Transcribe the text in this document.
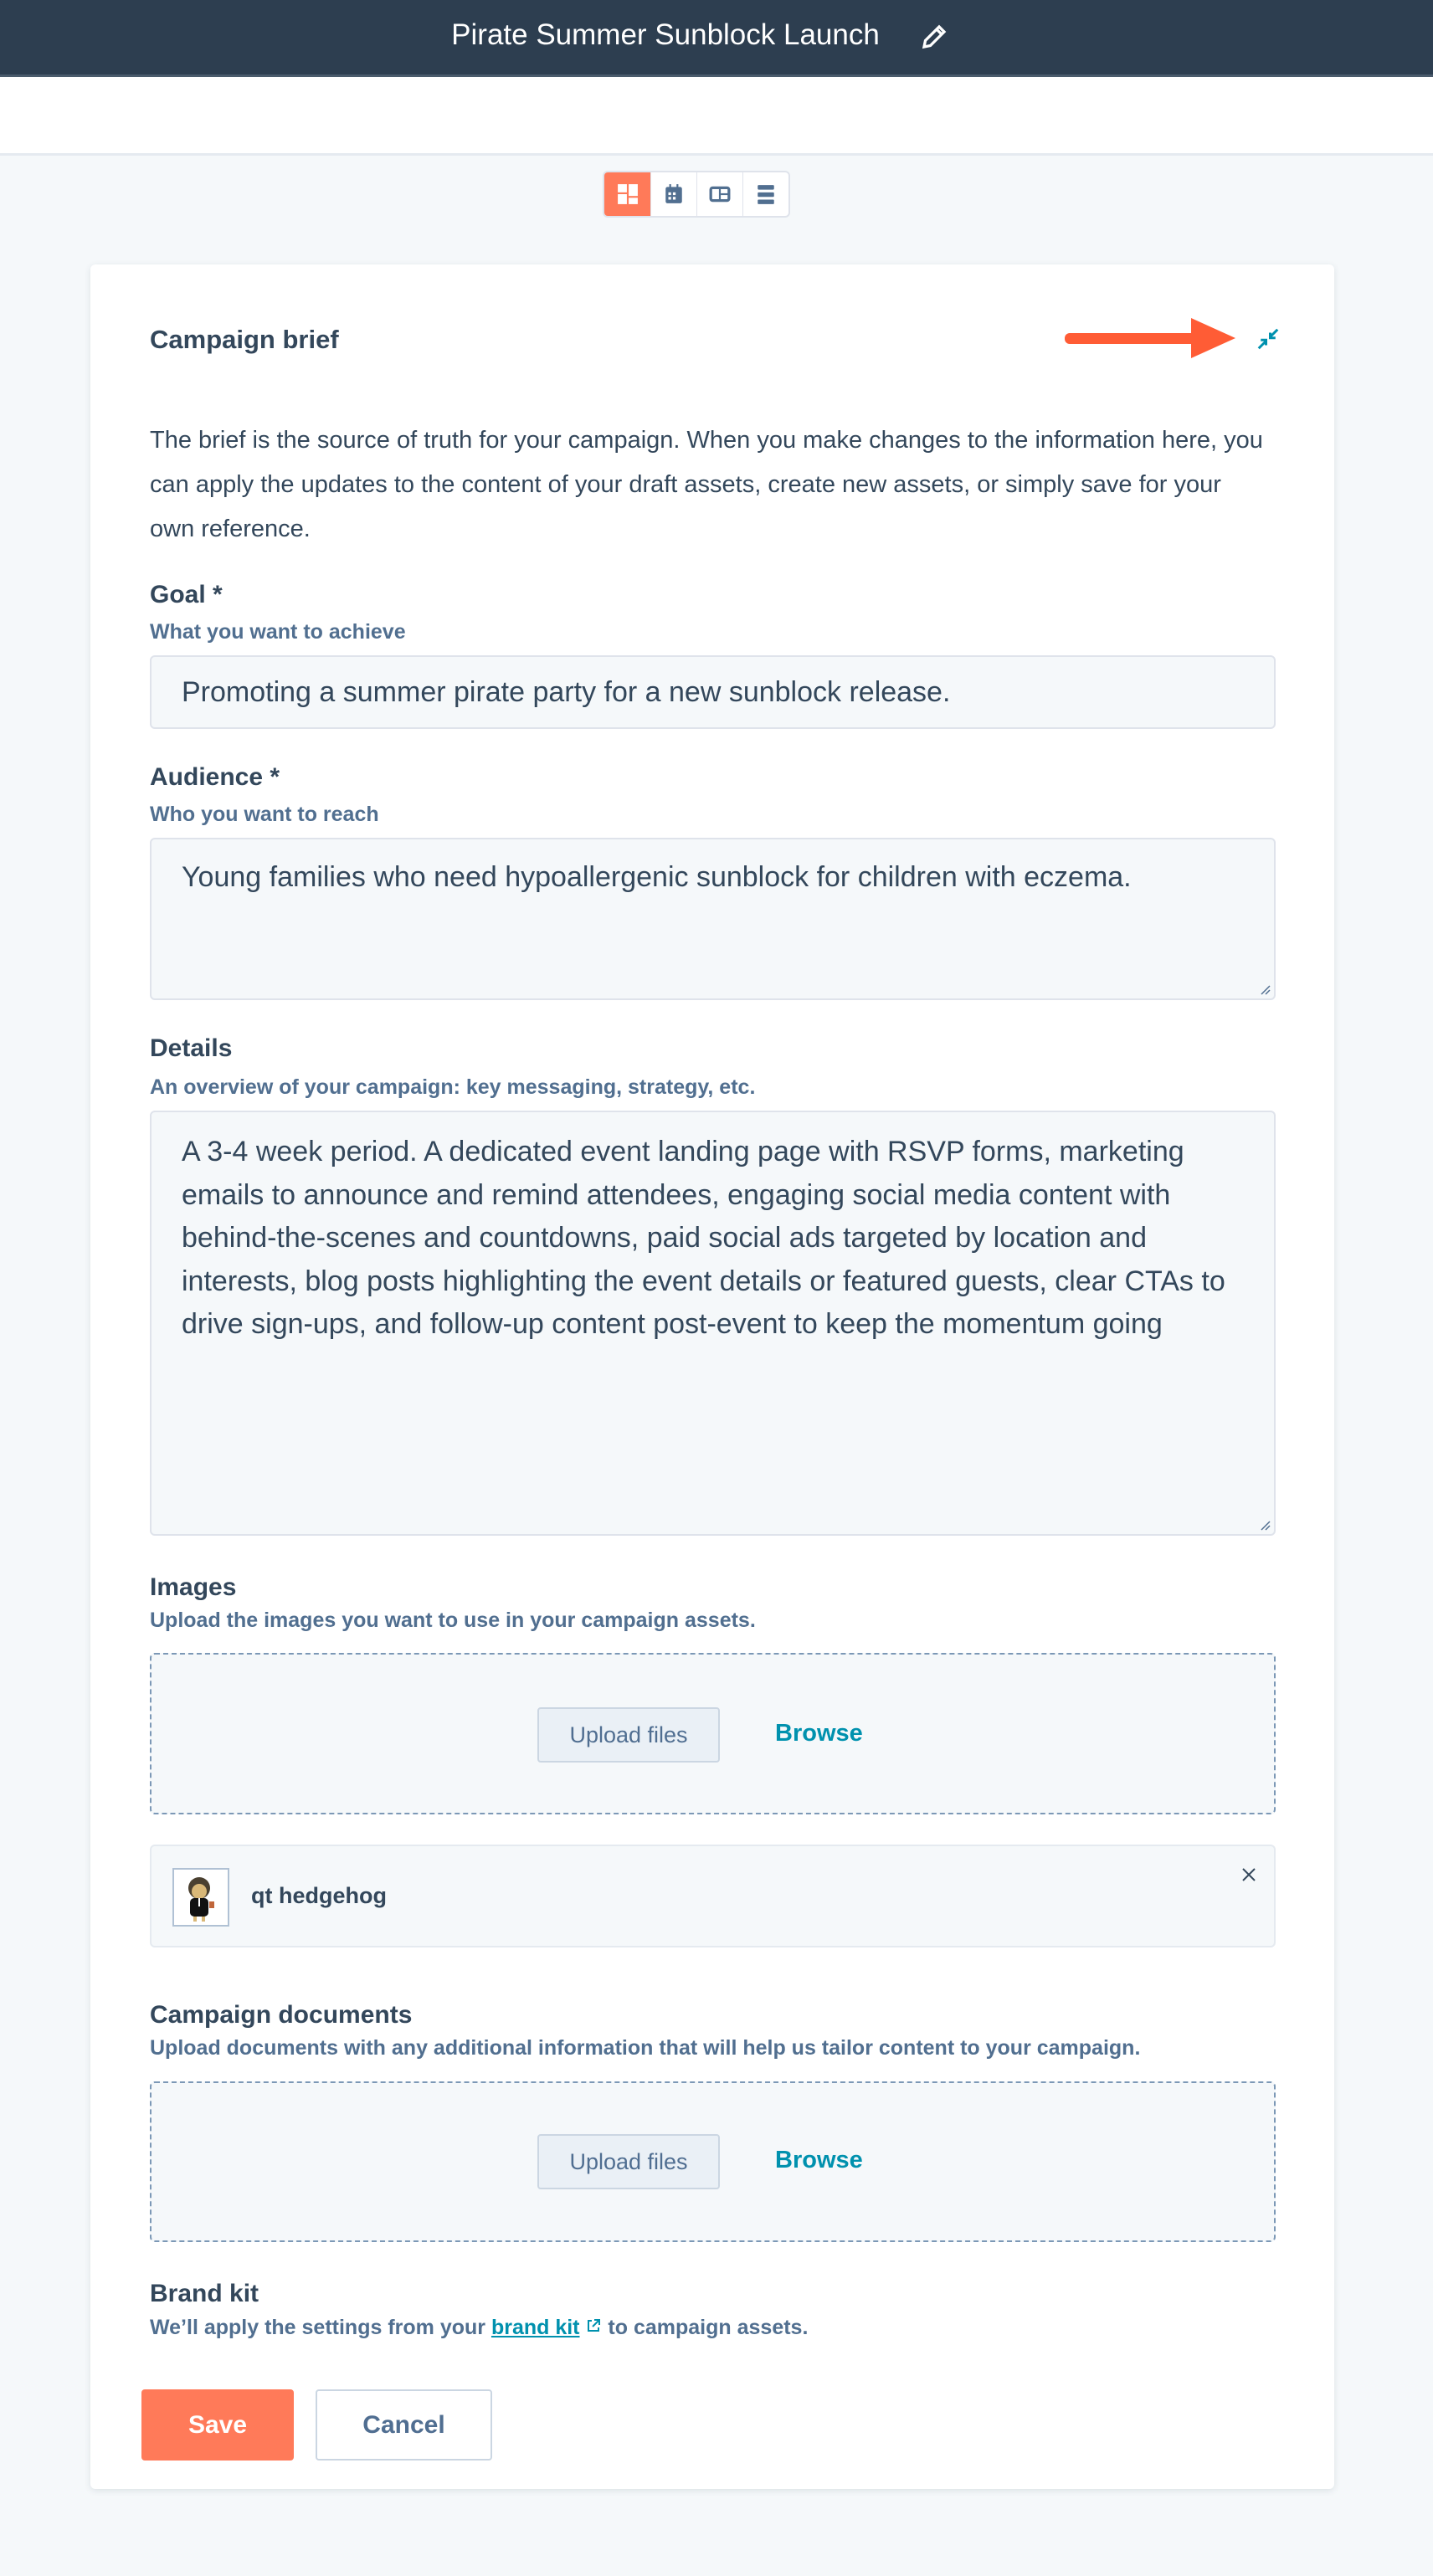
Pirate Summer Sunblock Launch
Campaign brief
The brief is the source of truth for your campaign. When you make changes to the information here, you can apply the updates to the content of your draft assets, create new assets, or simply save for your own reference.
Goal *
What you want to achieve
Promoting a summer pirate party for a new sunblock release.
Audience *
Who you want to reach
Young families who need hypoallergenic sunblock for children with eczema.
Details
An overview of your campaign: key messaging, strategy, etc.
A 3-4 week period. A dedicated event landing page with RSVP forms, marketing emails to announce and remind attendees, engaging social media content with behind-the-scenes and countdowns, paid social ads targeted by location and interests, blog posts highlighting the event details or featured guests, clear CTAs to drive sign-ups, and follow-up content post-event to keep the momentum going
Images
Upload the images you want to use in your campaign assets.
Upload files	Browse
qt hedgehog
Campaign documents
Upload documents with any additional information that will help us tailor content to your campaign.
Upload files	Browse
Brand kit
We’ll apply the settings from your brand kit  to campaign assets.
Save	Cancel
